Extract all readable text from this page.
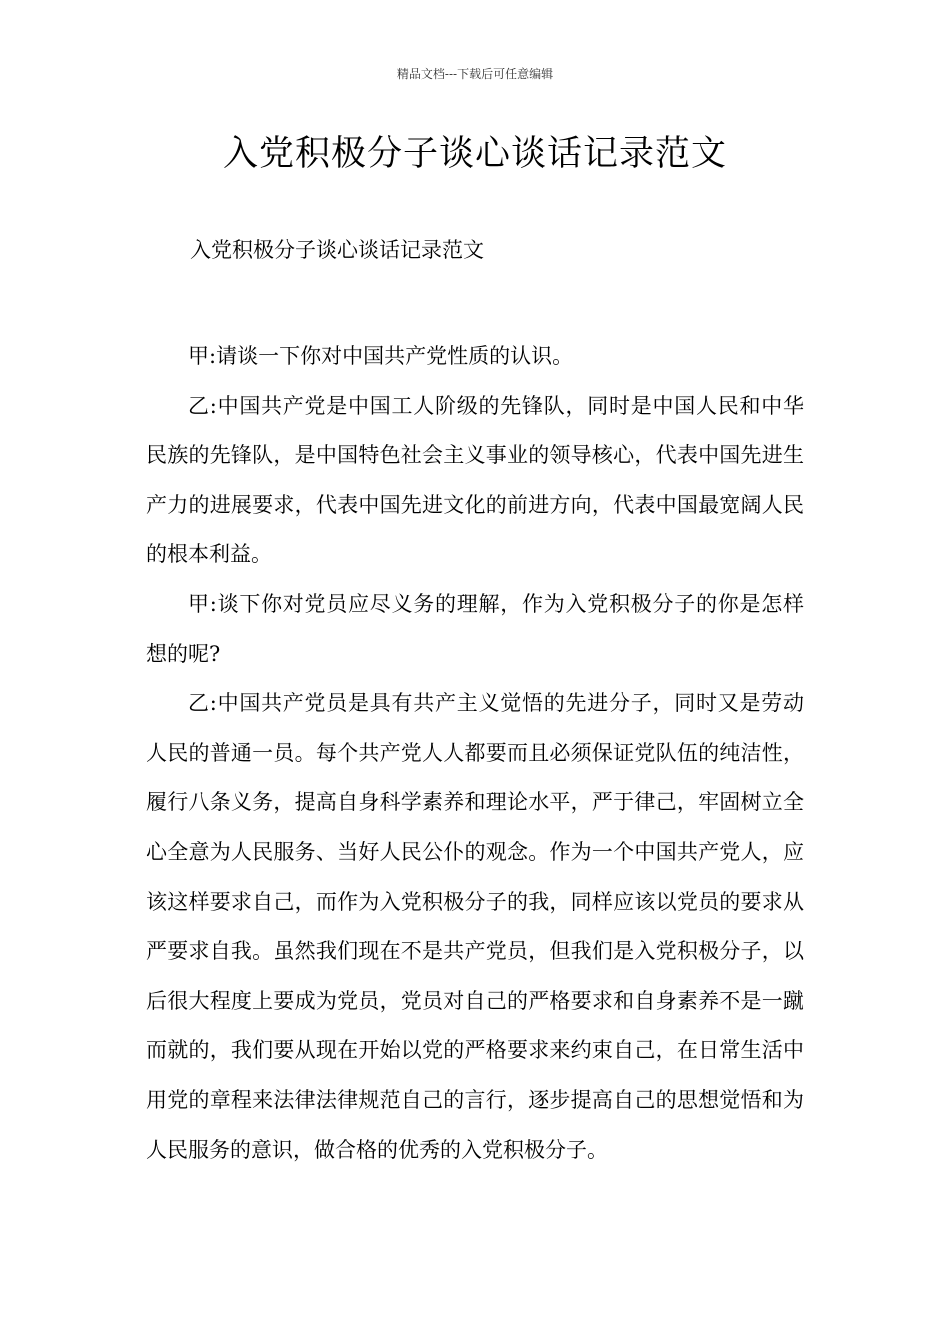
精品文档---下载后可任意编辑
入党积极分子谈心谈话记录范文
入党积极分子谈心谈话记录范文

甲:请谈一下你对中国共产党性质的认识。

乙:中国共产党是中国工人阶级的先锋队，同时是中国人民和中华民族的先锋队，是中国特色社会主义事业的领导核心，代表中国先进生产力的进展要求，代表中国先进文化的前进方向，代表中国最宽阔人民的根本利益。

甲:谈下你对党员应尽义务的理解，作为入党积极分子的你是怎样想的呢?

乙:中国共产党员是具有共产主义觉悟的先进分子，同时又是劳动人民的普通一员。每个共产党人人都要而且必须保证党队伍的纯洁性，履行八条义务，提高自身科学素养和理论水平，严于律己，牢固树立全心全意为人民服务、当好人民公仆的观念。作为一个中国共产党人，应该这样要求自己，而作为入党积极分子的我，同样应该以党员的要求从严要求自我。虽然我们现在不是共产党员，但我们是入党积极分子，以后很大程度上要成为党员，党员对自己的严格要求和自身素养不是一蹴而就的，我们要从现在开始以党的严格要求来约束自己，在日常生活中用党的章程来法律法律规范自己的言行，逐步提高自己的思想觉悟和为人民服务的意识，做合格的优秀的入党积极分子。
